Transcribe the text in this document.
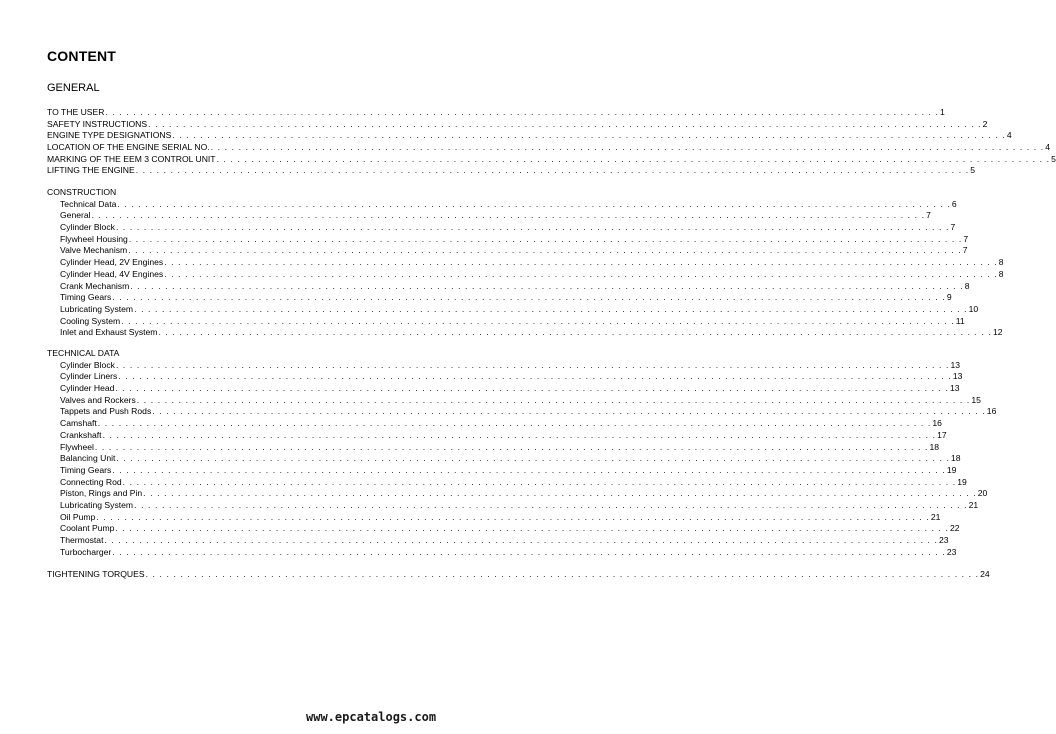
CONTENT
GENERAL
TO THE USER . . . . . . . . . . . . . . . . . . . . . . . . . . . . . . . . . . . . . . . . . . . . . . . . . . . . . . . . . . . . . . . . . . . . . . . . . . . . . . . . . . . . . . . . . . . . . . . . . . . . . . . . . . . . . . . . . . . . . . . . 1
SAFETY INSTRUCTIONS . . . . . . . . . . . . . . . . . . . . . . . . . . . . . . . . . . . . . . . . . . . . . . . . . . . . . . . . . . . . . . . . . . . . . . . . . . . . . . . . . . . . . . . . . . . . . . . . . . . . . . . . . . . . . . . . . . . . . . . . 2
ENGINE TYPE DESIGNATIONS . . . . . . . . . . . . . . . . . . . . . . . . . . . . . . . . . . . . . . . . . . . . . . . . . . . . . . . . . . . . . . . . . . . . . . . . . . . . . . . . . . . . . . . . . . . . . . . . . . . . . . . . . . . . . . . . . . . . . . . . 4
LOCATION OF THE ENGINE SERIAL NO. . . . . . . . . . . . . . . . . . . . . . . . . . . . . . . . . . . . . . . . . . . . . . . . . . . . . . . . . . . . . . . . . . . . . . . . . . . . . . . . . . . . . . . . . . . . . . . . . . . . . . . . . . . . . . . . . . . . . . . . . 4
MARKING OF THE EEM 3 CONTROL UNIT . . . . . . . . . . . . . . . . . . . . . . . . . . . . . . . . . . . . . . . . . . . . . . . . . . . . . . . . . . . . . . . . . . . . . . . . . . . . . . . . . . . . . . . . . . . . . . . . . . . . . . . . . . . . . . . . . . . . . . . . 5
LIFTING THE ENGINE . . . . . . . . . . . . . . . . . . . . . . . . . . . . . . . . . . . . . . . . . . . . . . . . . . . . . . . . . . . . . . . . . . . . . . . . . . . . . . . . . . . . . . . . . . . . . . . . . . . . . . . . . . . . . . . . . . . . . . . . 5
CONSTRUCTION
Technical Data . . . . . . . . . . . . . . . . . . . . . . . . . . . . . . . . . . . . . . . . . . . . . . . . . . . . . . . . . . . . . . . . . . . . . . . . . . . . . . . . . . . . . . . . . . . . . . . . . . . . . . . . . . . . . . . . . . . . . . . . 6
General . . . . . . . . . . . . . . . . . . . . . . . . . . . . . . . . . . . . . . . . . . . . . . . . . . . . . . . . . . . . . . . . . . . . . . . . . . . . . . . . . . . . . . . . . . . . . . . . . . . . . . . . . . . . . . . . . . . . . . . . 7
Cylinder Block . . . . . . . . . . . . . . . . . . . . . . . . . . . . . . . . . . . . . . . . . . . . . . . . . . . . . . . . . . . . . . . . . . . . . . . . . . . . . . . . . . . . . . . . . . . . . . . . . . . . . . . . . . . . . . . . . . . . . . . . 7
Flywheel Housing . . . . . . . . . . . . . . . . . . . . . . . . . . . . . . . . . . . . . . . . . . . . . . . . . . . . . . . . . . . . . . . . . . . . . . . . . . . . . . . . . . . . . . . . . . . . . . . . . . . . . . . . . . . . . . . . . . . . . . . . 7
Valve Mechanism . . . . . . . . . . . . . . . . . . . . . . . . . . . . . . . . . . . . . . . . . . . . . . . . . . . . . . . . . . . . . . . . . . . . . . . . . . . . . . . . . . . . . . . . . . . . . . . . . . . . . . . . . . . . . . . . . . . . . . . . 7
Cylinder Head, 2V Engines . . . . . . . . . . . . . . . . . . . . . . . . . . . . . . . . . . . . . . . . . . . . . . . . . . . . . . . . . . . . . . . . . . . . . . . . . . . . . . . . . . . . . . . . . . . . . . . . . . . . . . . . . . . . . . . . . . . . . . . . 8
Cylinder Head, 4V Engines . . . . . . . . . . . . . . . . . . . . . . . . . . . . . . . . . . . . . . . . . . . . . . . . . . . . . . . . . . . . . . . . . . . . . . . . . . . . . . . . . . . . . . . . . . . . . . . . . . . . . . . . . . . . . . . . . . . . . . . . 8
Crank Mechanism . . . . . . . . . . . . . . . . . . . . . . . . . . . . . . . . . . . . . . . . . . . . . . . . . . . . . . . . . . . . . . . . . . . . . . . . . . . . . . . . . . . . . . . . . . . . . . . . . . . . . . . . . . . . . . . . . . . . . . . . 8
Timing Gears . . . . . . . . . . . . . . . . . . . . . . . . . . . . . . . . . . . . . . . . . . . . . . . . . . . . . . . . . . . . . . . . . . . . . . . . . . . . . . . . . . . . . . . . . . . . . . . . . . . . . . . . . . . . . . . . . . . . . . . . 9
Lubricating System . . . . . . . . . . . . . . . . . . . . . . . . . . . . . . . . . . . . . . . . . . . . . . . . . . . . . . . . . . . . . . . . . . . . . . . . . . . . . . . . . . . . . . . . . . . . . . . . . . . . . . . . . . . . . . . . . . . . . . . . 10
Cooling System . . . . . . . . . . . . . . . . . . . . . . . . . . . . . . . . . . . . . . . . . . . . . . . . . . . . . . . . . . . . . . . . . . . . . . . . . . . . . . . . . . . . . . . . . . . . . . . . . . . . . . . . . . . . . . . . . . . . . . . . 11
Inlet and Exhaust System . . . . . . . . . . . . . . . . . . . . . . . . . . . . . . . . . . . . . . . . . . . . . . . . . . . . . . . . . . . . . . . . . . . . . . . . . . . . . . . . . . . . . . . . . . . . . . . . . . . . . . . . . . . . . . . . . . . . . . . . 12
TECHNICAL DATA
Cylinder Block . . . . . . . . . . . . . . . . . . . . . . . . . . . . . . . . . . . . . . . . . . . . . . . . . . . . . . . . . . . . . . . . . . . . . . . . . . . . . . . . . . . . . . . . . . . . . . . . . . . . . . . . . . . . . . . . . . . . . . . . 13
Cylinder Liners . . . . . . . . . . . . . . . . . . . . . . . . . . . . . . . . . . . . . . . . . . . . . . . . . . . . . . . . . . . . . . . . . . . . . . . . . . . . . . . . . . . . . . . . . . . . . . . . . . . . . . . . . . . . . . . . . . . . . . . . 13
Cylinder Head . . . . . . . . . . . . . . . . . . . . . . . . . . . . . . . . . . . . . . . . . . . . . . . . . . . . . . . . . . . . . . . . . . . . . . . . . . . . . . . . . . . . . . . . . . . . . . . . . . . . . . . . . . . . . . . . . . . . . . . . 13
Valves and Rockers . . . . . . . . . . . . . . . . . . . . . . . . . . . . . . . . . . . . . . . . . . . . . . . . . . . . . . . . . . . . . . . . . . . . . . . . . . . . . . . . . . . . . . . . . . . . . . . . . . . . . . . . . . . . . . . . . . . . . . . . 15
Tappets and Push Rods . . . . . . . . . . . . . . . . . . . . . . . . . . . . . . . . . . . . . . . . . . . . . . . . . . . . . . . . . . . . . . . . . . . . . . . . . . . . . . . . . . . . . . . . . . . . . . . . . . . . . . . . . . . . . . . . . . . . . . . . 16
Camshaft . . . . . . . . . . . . . . . . . . . . . . . . . . . . . . . . . . . . . . . . . . . . . . . . . . . . . . . . . . . . . . . . . . . . . . . . . . . . . . . . . . . . . . . . . . . . . . . . . . . . . . . . . . . . . . . . . . . . . . . . 16
Crankshaft . . . . . . . . . . . . . . . . . . . . . . . . . . . . . . . . . . . . . . . . . . . . . . . . . . . . . . . . . . . . . . . . . . . . . . . . . . . . . . . . . . . . . . . . . . . . . . . . . . . . . . . . . . . . . . . . . . . . . . . . 17
Flywheel . . . . . . . . . . . . . . . . . . . . . . . . . . . . . . . . . . . . . . . . . . . . . . . . . . . . . . . . . . . . . . . . . . . . . . . . . . . . . . . . . . . . . . . . . . . . . . . . . . . . . . . . . . . . . . . . . . . . . . . . 18
Balancing Unit . . . . . . . . . . . . . . . . . . . . . . . . . . . . . . . . . . . . . . . . . . . . . . . . . . . . . . . . . . . . . . . . . . . . . . . . . . . . . . . . . . . . . . . . . . . . . . . . . . . . . . . . . . . . . . . . . . . . . . . . 18
Timing Gears . . . . . . . . . . . . . . . . . . . . . . . . . . . . . . . . . . . . . . . . . . . . . . . . . . . . . . . . . . . . . . . . . . . . . . . . . . . . . . . . . . . . . . . . . . . . . . . . . . . . . . . . . . . . . . . . . . . . . . . . 19
Connecting Rod . . . . . . . . . . . . . . . . . . . . . . . . . . . . . . . . . . . . . . . . . . . . . . . . . . . . . . . . . . . . . . . . . . . . . . . . . . . . . . . . . . . . . . . . . . . . . . . . . . . . . . . . . . . . . . . . . . . . . . . . 19
Piston, Rings and Pin . . . . . . . . . . . . . . . . . . . . . . . . . . . . . . . . . . . . . . . . . . . . . . . . . . . . . . . . . . . . . . . . . . . . . . . . . . . . . . . . . . . . . . . . . . . . . . . . . . . . . . . . . . . . . . . . . . . . . . . . 20
Lubricating System . . . . . . . . . . . . . . . . . . . . . . . . . . . . . . . . . . . . . . . . . . . . . . . . . . . . . . . . . . . . . . . . . . . . . . . . . . . . . . . . . . . . . . . . . . . . . . . . . . . . . . . . . . . . . . . . . . . . . . . . 21
Oil Pump . . . . . . . . . . . . . . . . . . . . . . . . . . . . . . . . . . . . . . . . . . . . . . . . . . . . . . . . . . . . . . . . . . . . . . . . . . . . . . . . . . . . . . . . . . . . . . . . . . . . . . . . . . . . . . . . . . . . . . . . 21
Coolant Pump . . . . . . . . . . . . . . . . . . . . . . . . . . . . . . . . . . . . . . . . . . . . . . . . . . . . . . . . . . . . . . . . . . . . . . . . . . . . . . . . . . . . . . . . . . . . . . . . . . . . . . . . . . . . . . . . . . . . . . . . 22
Thermostat . . . . . . . . . . . . . . . . . . . . . . . . . . . . . . . . . . . . . . . . . . . . . . . . . . . . . . . . . . . . . . . . . . . . . . . . . . . . . . . . . . . . . . . . . . . . . . . . . . . . . . . . . . . . . . . . . . . . . . . . 23
Turbocharger . . . . . . . . . . . . . . . . . . . . . . . . . . . . . . . . . . . . . . . . . . . . . . . . . . . . . . . . . . . . . . . . . . . . . . . . . . . . . . . . . . . . . . . . . . . . . . . . . . . . . . . . . . . . . . . . . . . . . . . . 23
TIGHTENING TORQUES . . . . . . . . . . . . . . . . . . . . . . . . . . . . . . . . . . . . . . . . . . . . . . . . . . . . . . . . . . . . . . . . . . . . . . . . . . . . . . . . . . . . . . . . . . . . . . . . . . . . . . . . . . . . . . . . . . . . . . . . 24
www.epcatalogs.com
